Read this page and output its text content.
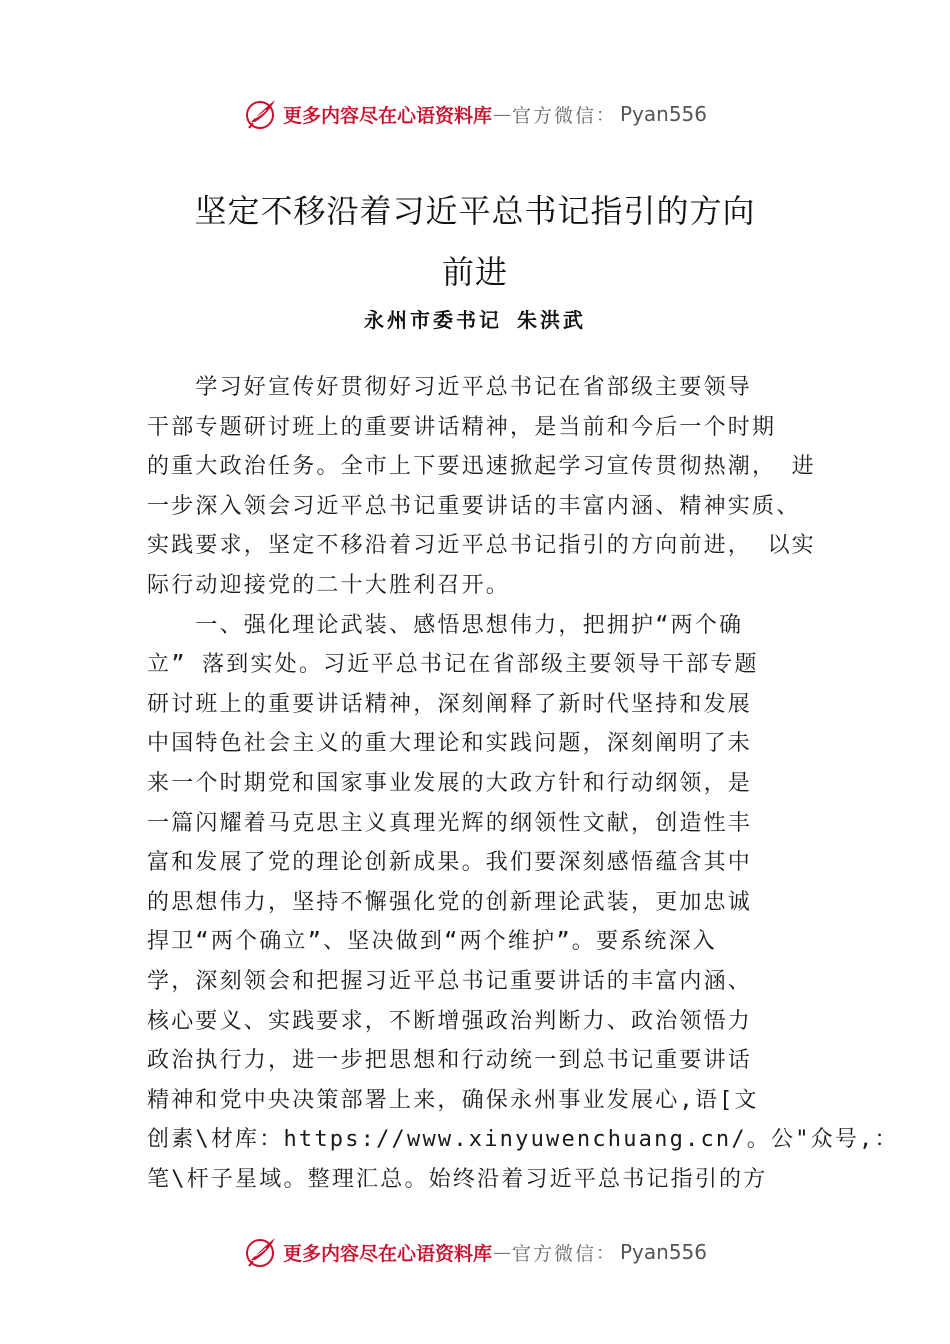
更多内容尽在心语资料库 — 官方微信 ： Pyan556
坚定不移沿着习近平总书记指引的方向
前进
永州市委书记 朱洪武
　　学习好宣传好贯彻好习近平总书记在省部级主要领导
干部专题研讨班上的重要讲话精神，是当前和今后一个时期
的重大政治任务。全市上下要迅速掀起学习宣传贯彻热潮， 进
一步深入领会习近平总书记重要讲话的丰富内涵、精神实质、
实践要求，坚定不移沿着习近平总书记指引的方向前进， 以实
际行动迎接党的二十大胜利召开。
　　一、强化理论武装、感悟思想伟力，把拥护“两个确
立” 落到实处。习近平总书记在省部级主要领导干部专题
研讨班上的重要讲话精神，深刻阐释了新时代坚持和发展
中国特色社会主义的重大理论和实践问题，深刻阐明了未
来一个时期党和国家事业发展的大政方针和行动纲领，是
一篇闪耀着马克思主义真理光辉的纲领性文献，创造性丰
富和发展了党的理论创新成果。我们要深刻感悟蕴含其中
的思想伟力，坚持不懈强化党的创新理论武装，更加忠诚
捍卫“两个确立”、坚决做到“两个维护”。要系统深入
学，深刻领会和把握习近平总书记重要讲话的丰富内涵、
核心要义、实践要求，不断增强政治判断力、政治领悟力
政治执行力，进一步把思想和行动统一到总书记重要讲话
精神和党中央决策部署上来，确保永州事业发展心,语[文
创素\材库：https://www.xinyuwenchuang.cn/。公"众号,：
笔\杆子星域。整理汇总。始终沿着习近平总书记指引的方
更多内容尽在心语资料库 — 官方微信 ： Pyan556
